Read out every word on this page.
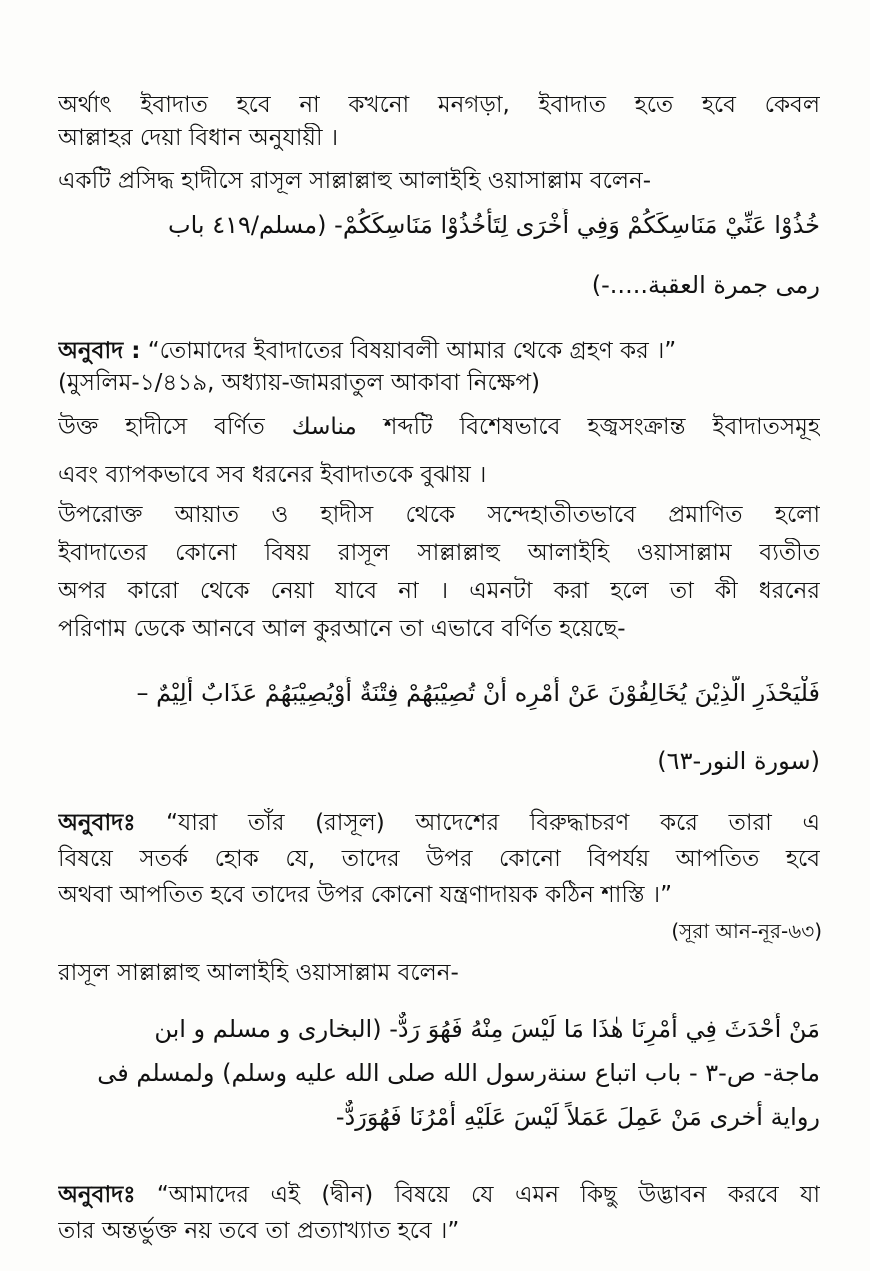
অর্থাৎ ইবাদাত হবে না কখনো মনগড়া, ইবাদাত হতে হবে কেবল
আল্লাহর দেয়া বিধান অনুযায়ী ।
একটি প্রসিদ্ধ হাদীসে রাসূল সাল্লাল্লাহু আলাইহি ওয়াসাল্লাম বলেন-
خُذُوْا عَنِّيْ مَنَاسِكَكُمْ وَفِي أُخْرَى لِتَأْخُذُوْا مَنَاسِكَكُمْ- (مسلم/٤١٩ باب
رمى جمرة العقبة.....-)
অনুবাদ : “তোমাদের ইবাদাতের বিষয়াবলী আমার থেকে গ্রহণ কর ।”
(মুসলিম-১/৪১৯, অধ্যায়-জামরাতুল আকাবা নিক্ষেপ)
উক্ত হাদীসে বর্ণিত مناسك শব্দটি বিশেষভাবে হজ্বসংক্রান্ত ইবাদাতসমূহ
এবং ব্যাপকভাবে সব ধরনের ইবাদাতকে বুঝায় ।
উপরোক্ত আয়াত ও হাদীস থেকে সন্দেহাতীতভাবে প্রমাণিত হলো
ইবাদাতের কোনো বিষয় রাসূল সাল্লাল্লাহু আলাইহি ওয়াসাল্লাম ব্যতীত
অপর কারো থেকে নেয়া যাবে না । এমনটা করা হলে তা কী ধরনের
পরিণাম ডেকে আনবে আল কুরআনে তা এভাবে বর্ণিত হয়েছে-
فَلْيَحْذَرِ الَّذِيْنَ يُخَالِفُوْنَ عَنْ أَمْرِه أَنْ تُصِيْبَهُمْ فِتْنَةٌ أَوْيُصِيْبَهُمْ عَذَابٌ أَلِيْمٌ –
(سورة النور-٦٣)
অনুবাদঃ “যারা তাঁর (রাসূল) আদেশের বিরুদ্ধাচরণ করে তারা এ
বিষয়ে সতর্ক হোক যে, তাদের উপর কোনো বিপর্যয় আপতিত হবে
অথবা আপতিত হবে তাদের উপর কোনো যন্ত্রণাদায়ক কঠিন শাস্তি ।”
(সূরা আন-নূর-৬৩)
রাসূল সাল্লাল্লাহু আলাইহি ওয়াসাল্লাম বলেন-
مَنْ أَحْدَثَ فِي أَمْرِنَا هٰذَا مَا لَيْسَ مِنْهُ فَهُوَ رَدٌّ- (البخارى و مسلم و ابن
ماجة- ص-٣ - باب اتباع سنةرسول الله صلى الله عليه وسلم) ولمسلم فى
رواية أخرى مَنْ عَمِلَ عَمَلاً لَيْسَ عَلَيْهِ أَمْرُنَا فَهُوَرَدٌّ-
অনুবাদঃ “আমাদের এই (দ্বীন) বিষয়ে যে এমন কিছু উদ্ভাবন করবে যা
তার অন্তর্ভুক্ত নয় তবে তা প্রত্যাখ্যাত হবে ।”
